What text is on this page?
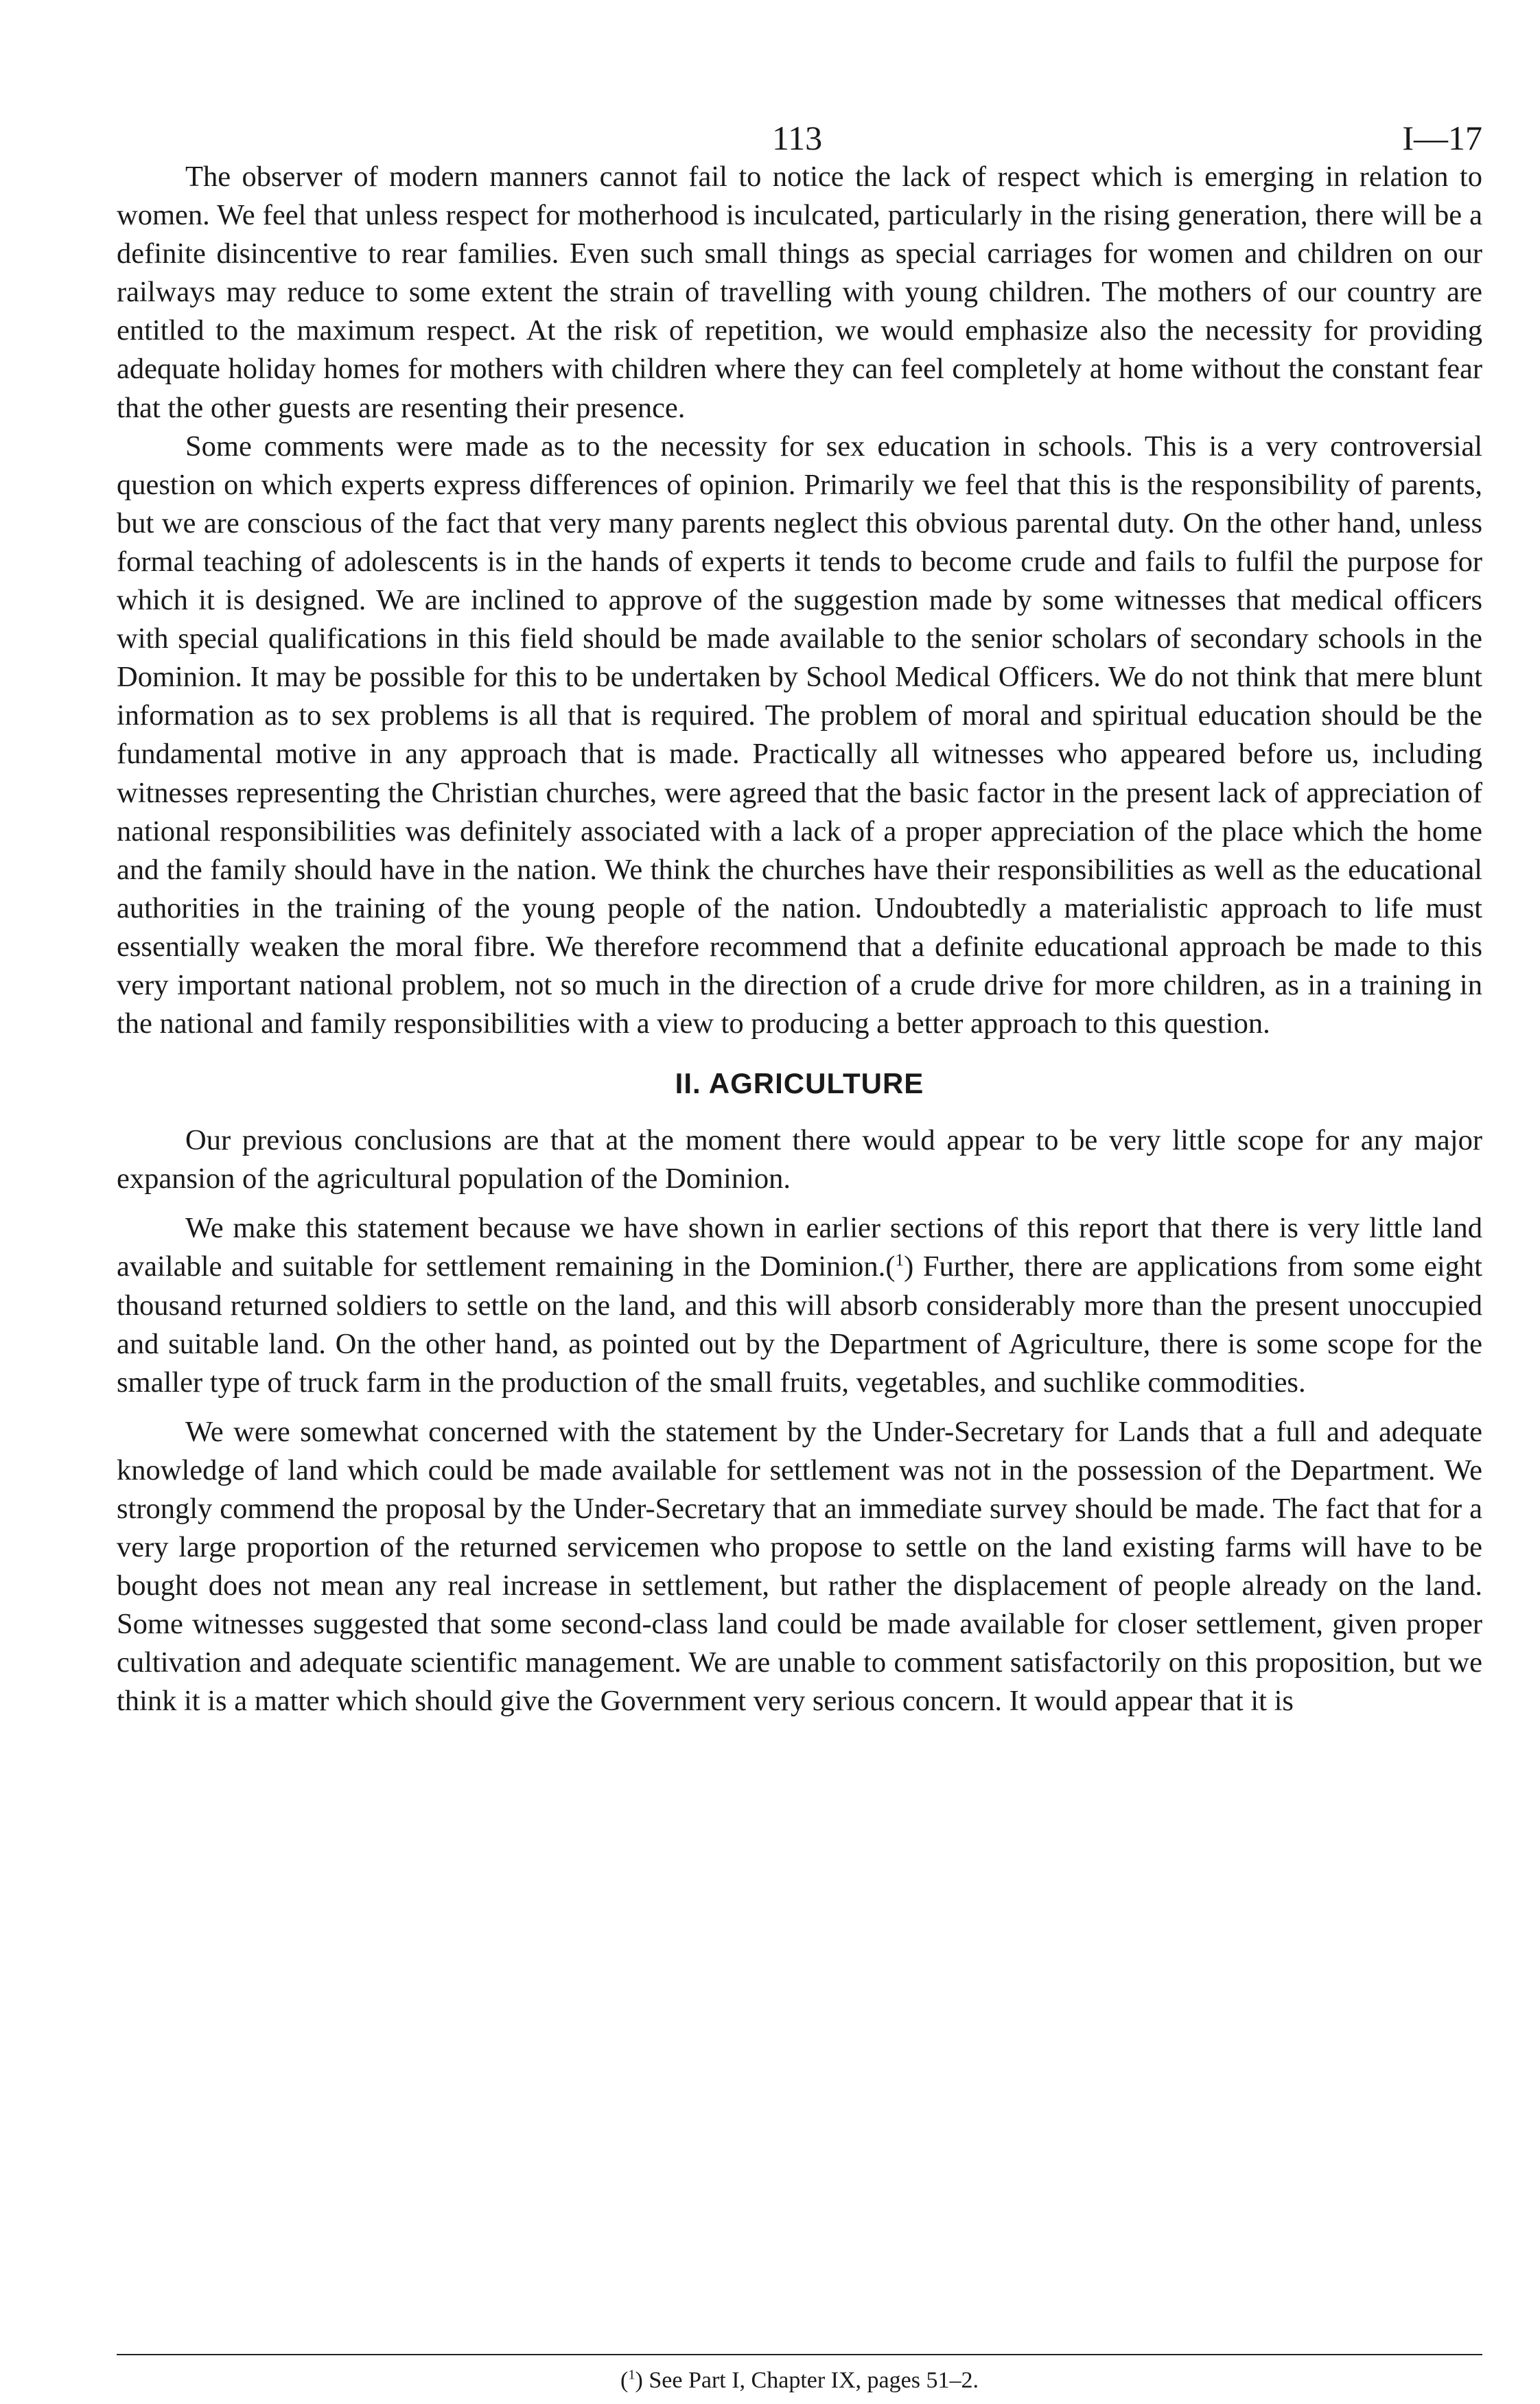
113	I—17

The observer of modern manners cannot fail to notice the lack of respect which is emerging in relation to women. We feel that unless respect for motherhood is inculcated, particularly in the rising generation, there will be a definite disincentive to rear families. Even such small things as special carriages for women and children on our railways may reduce to some extent the strain of travelling with young children. The mothers of our country are entitled to the maximum respect. At the risk of repetition, we would emphasize also the necessity for providing adequate holiday homes for mothers with children where they can feel completely at home without the constant fear that the other guests are resenting their presence.

Some comments were made as to the necessity for sex education in schools. This is a very controversial question on which experts express differences of opinion. Primarily we feel that this is the responsibility of parents, but we are conscious of the fact that very many parents neglect this obvious parental duty. On the other hand, unless formal teaching of adolescents is in the hands of experts it tends to become crude and fails to fulfil the purpose for which it is designed. We are inclined to approve of the suggestion made by some witnesses that medical officers with special qualifications in this field should be made available to the senior scholars of secondary schools in the Dominion. It may be possible for this to be undertaken by School Medical Officers. We do not think that mere blunt information as to sex problems is all that is required. The problem of moral and spiritual education should be the fundamental motive in any approach that is made. Practically all witnesses who appeared before us, including witnesses representing the Christian churches, were agreed that the basic factor in the present lack of appreciation of national responsibilities was definitely associated with a lack of a proper appreciation of the place which the home and the family should have in the nation. We think the churches have their responsibilities as well as the educational authorities in the training of the young people of the nation. Undoubtedly a materialistic approach to life must essentially weaken the moral fibre. We therefore recommend that a definite educational approach be made to this very important national problem, not so much in the direction of a crude drive for more children, as in a training in the national and family responsibilities with a view to producing a better approach to this question.

II. AGRICULTURE

Our previous conclusions are that at the moment there would appear to be very little scope for any major expansion of the agricultural population of the Dominion.

We make this statement because we have shown in earlier sections of this report that there is very little land available and suitable for settlement remaining in the Dominion.($^1$) Further, there are applications from some eight thousand returned soldiers to settle on the land, and this will absorb considerably more than the present unoccupied and suitable land. On the other hand, as pointed out by the Department of Agriculture, there is some scope for the smaller type of truck farm in the production of the small fruits, vegetables, and suchlike commodities.

We were somewhat concerned with the statement by the Under-Secretary for Lands that a full and adequate knowledge of land which could be made available for settlement was not in the possession of the Department. We strongly commend the proposal by the Under-Secretary that an immediate survey should be made. The fact that for a very large proportion of the returned servicemen who propose to settle on the land existing farms will have to be bought does not mean any real increase in settlement, but rather the displacement of people already on the land. Some witnesses suggested that some second-class land could be made available for closer settlement, given proper cultivation and adequate scientific management. We are unable to comment satisfactorily on this proposition, but we think it is a matter which should give the Government very serious concern. It would appear that it is

($^1$) See Part I, Chapter IX, pages 51–2.
